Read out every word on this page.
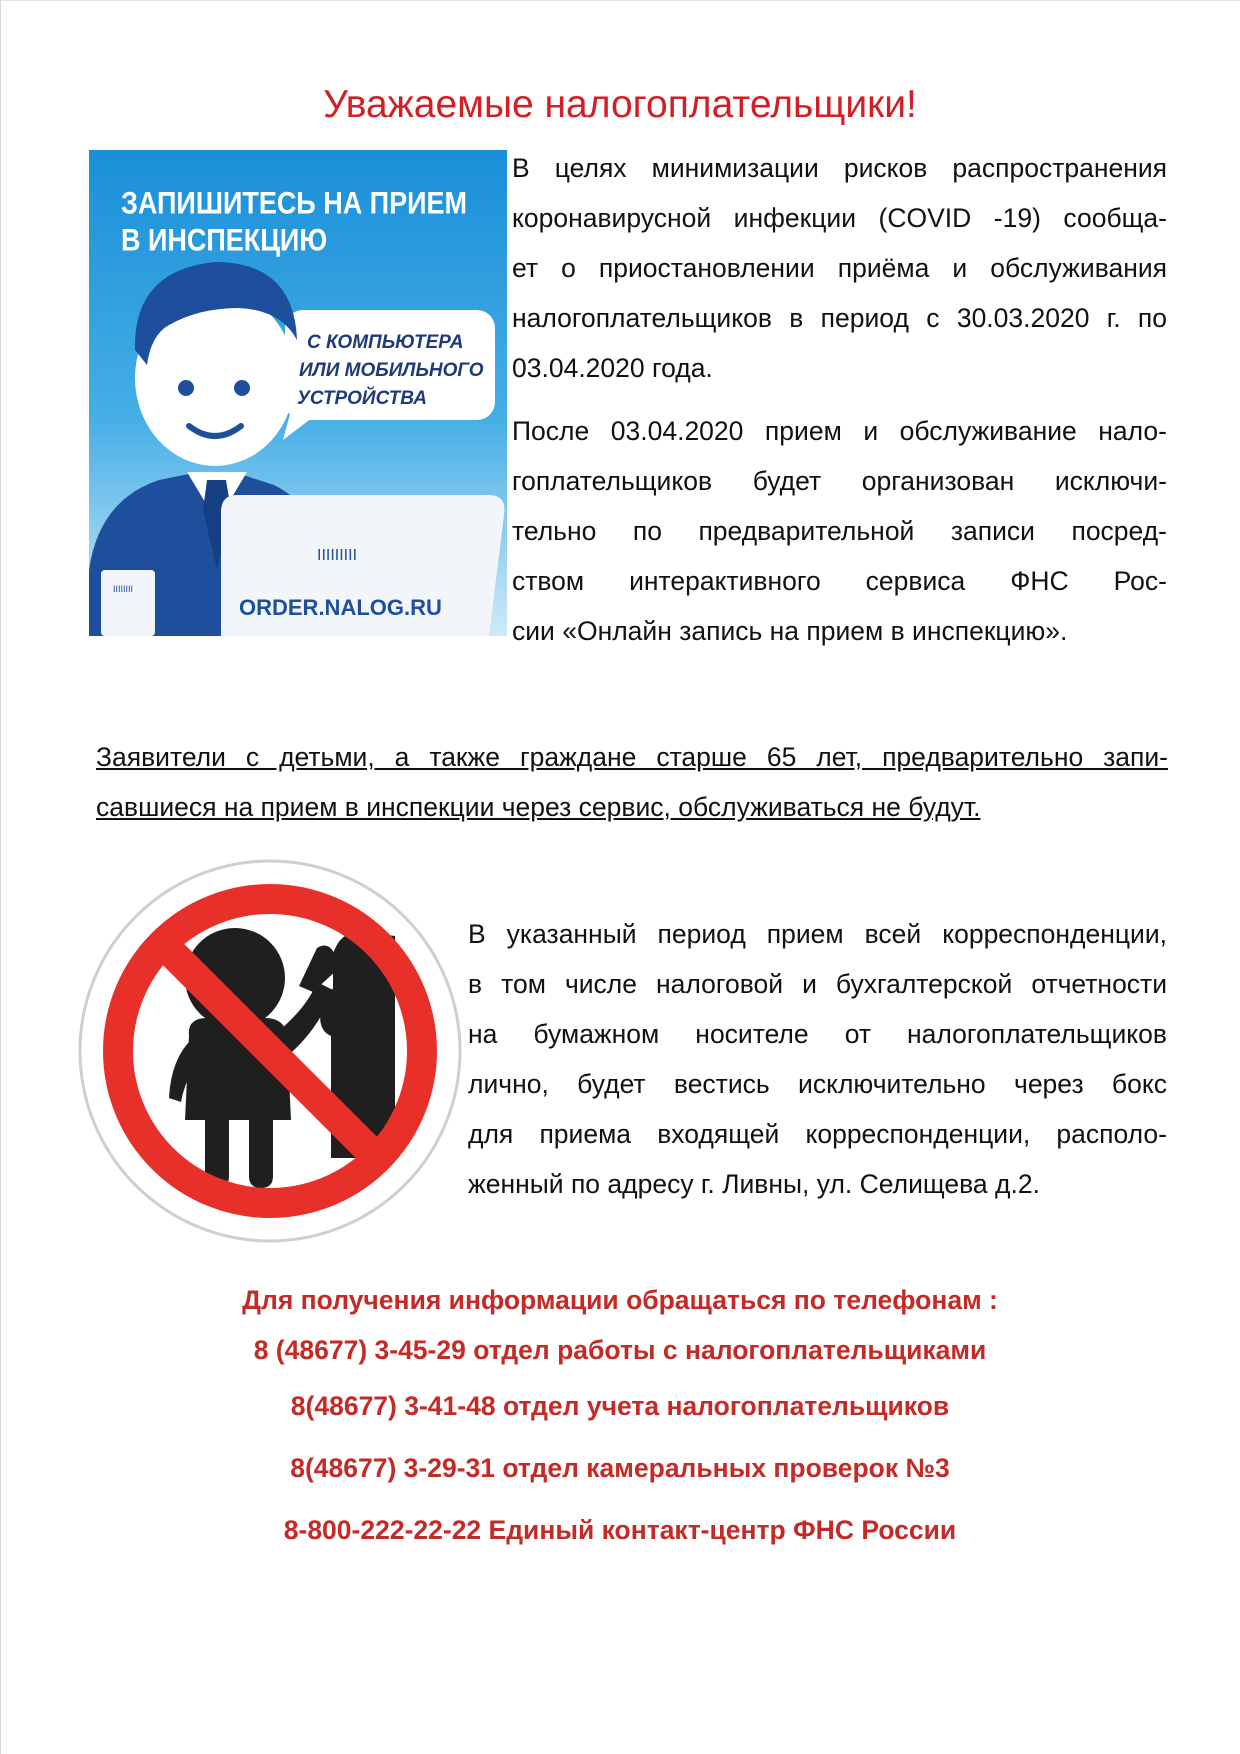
Уважаемые налогоплательщики!
ЗАПИШИТЕСЬ НА ПРИЕМ
В ИНСПЕКЦИЮ
С КОМПЬЮТЕРА
ИЛИ МОБИЛЬНОГО
УСТРОЙСТВА
IIIIIIIII
ORDER.NALOG.RU
IIIIIIII
В целях минимизации рисков распространения
коронавирусной инфекции (COVID -19) сообща-
ет о приостановлении приёма и обслуживания
налогоплательщиков в период с 30.03.2020 г. по
03.04.2020 года.
После 03.04.2020 прием и обслуживание нало-
гоплательщиков будет организован исключи-
тельно по предварительной записи посред-
ством интерактивного сервиса ФНС Рос-
сии «Онлайн запись на прием в инспекцию».
Заявители с детьми, а также граждане старше 65 лет, предварительно запи-
савшиеся на прием в инспекции через сервис, обслуживаться не будут.
В указанный период прием всей корреспонденции,
в том числе налоговой и бухгалтерской отчетности
на бумажном носителе от налогоплательщиков
лично, будет вестись исключительно через бокс
для приема входящей корреспонденции, располо-
женный по адресу г. Ливны, ул. Селищева д.2.
Для получения информации обращаться по телефонам :
8 (48677) 3-45-29 отдел работы с налогоплательщиками
8(48677) 3-41-48 отдел учета налогоплательщиков
8(48677) 3-29-31 отдел камеральных проверок №3
8-800-222-22-22 Единый контакт-центр ФНС России
